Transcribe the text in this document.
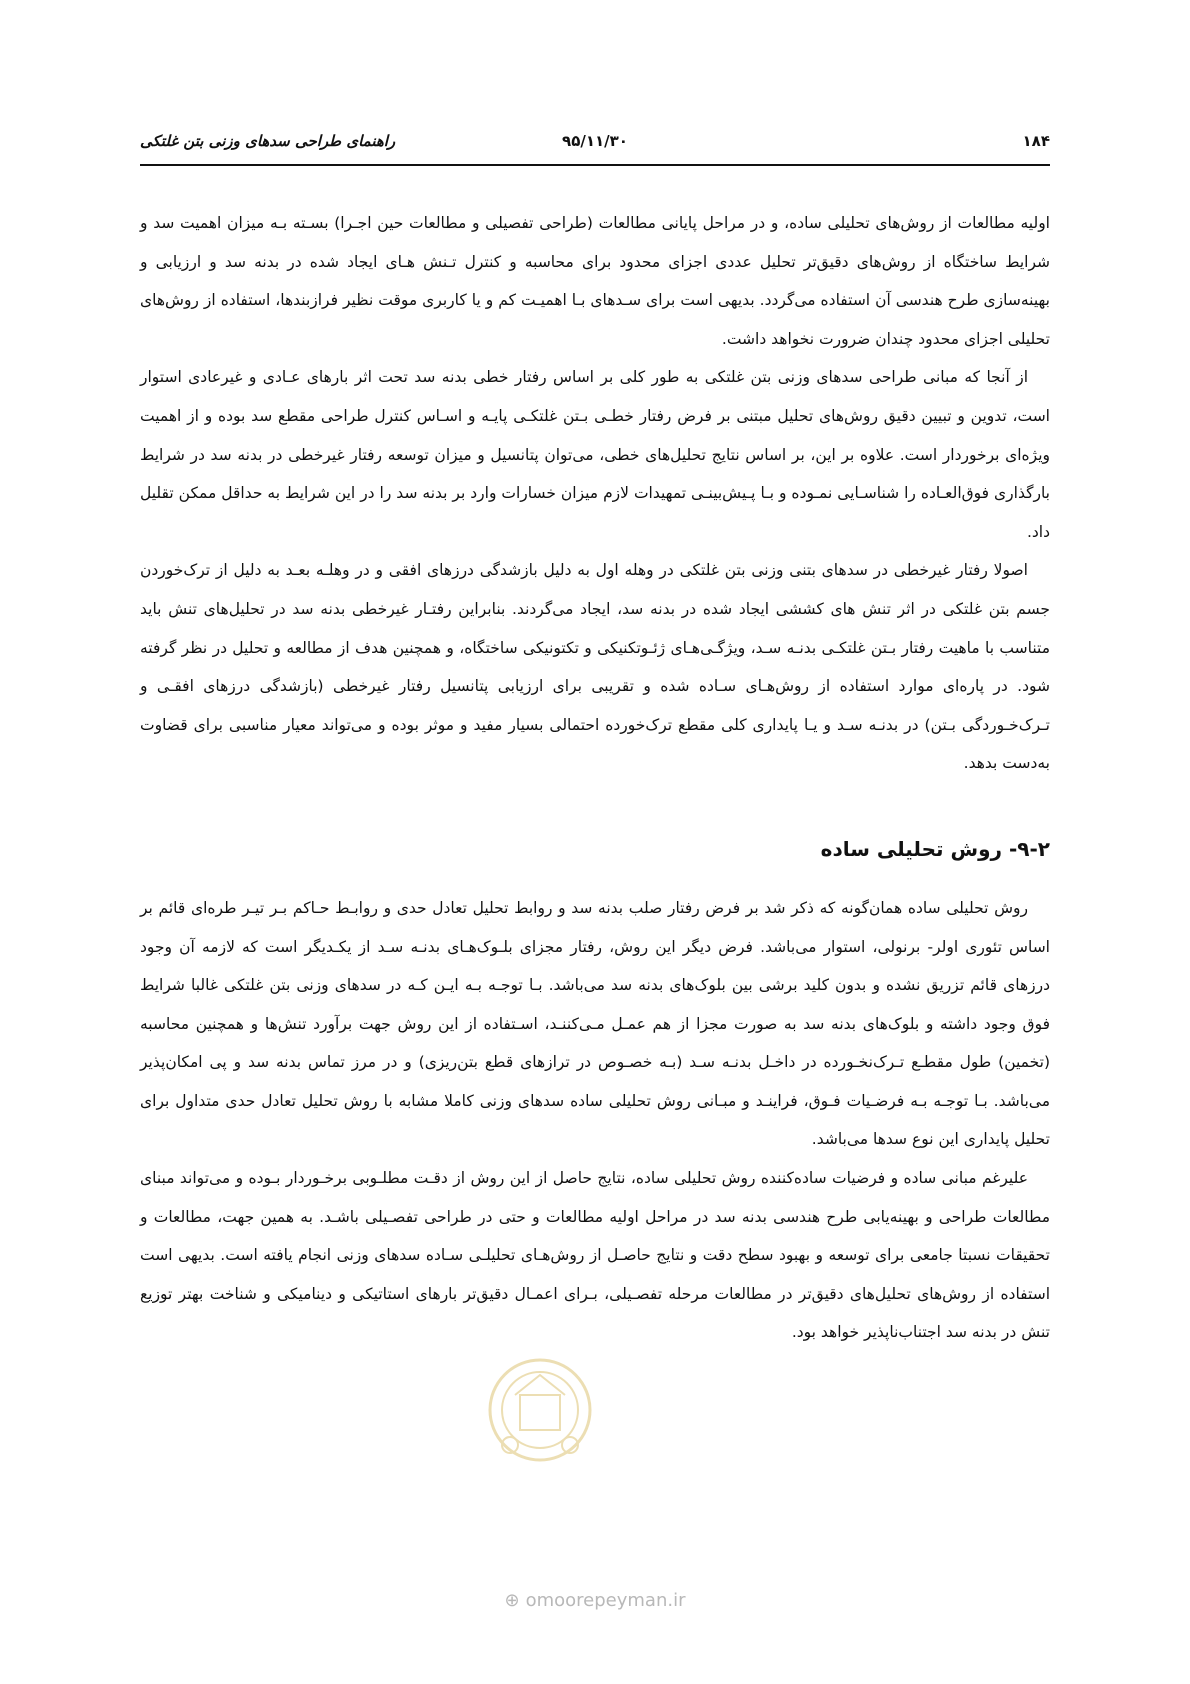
۱۸۴
۹۵/۱۱/۳۰
راهنمای طراحی سدهای وزنی بتن غلتکی

اولیه مطالعات از روش‌های تحلیلی ساده، و در مراحل پایانی مطالعات (طراحی تفصیلی و مطالعات حین اجـرا) بسـته بـه میزان اهمیت سد و شرایط ساختگاه از روش‌های دقیق‌تر تحلیل عددی اجزای محدود برای محاسبه و کنترل تـنش هـای ایجاد شده در بدنه سد و ارزیابی و بهینه‌سازی طرح هندسی آن استفاده می‌گردد. بدیهی است برای سـدهای بـا اهمیـت کم و یا کاربری موقت نظیر فرازبندها، استفاده از روش‌های تحلیلی اجزای محدود چندان ضرورت نخواهد داشت.

از آنجا که مبانی طراحی سدهای وزنی بتن غلتکی به طور کلی بر اساس رفتار خطی بدنه سد تحت اثر بارهای عـادی و غیرعادی استوار است، تدوین و تبیین دقیق روش‌های تحلیل مبتنی بر فرض رفتار خطـی بـتن غلتکـی پایـه و اسـاس کنترل طراحی مقطع سد بوده و از اهمیت ویژه‌ای برخوردار است. علاوه بر این، بر اساس نتایج تحلیل‌های خطی، می‌توان پتانسیل و میزان توسعه رفتار غیرخطی در بدنه سد در شرایط بارگذاری فوق‌العـاده را شناسـایی نمـوده و بـا پـیش‌بینـی تمهیدات لازم میزان خسارات وارد بر بدنه سد را در این شرایط به حداقل ممکن تقلیل داد.

اصولا رفتار غیرخطی در سدهای بتنی وزنی بتن غلتکی در وهله اول به دلیل بازشدگی درزهای افقی و در وهلـه بعـد به دلیل از ترک‌خوردن جسم بتن غلتکی در اثر تنش های کششی ایجاد شده در بدنه سد، ایجاد می‌گردند. بنابراین رفتـار غیرخطی بدنه سد در تحلیل‌های تنش باید متناسب با ماهیت رفتار بـتن غلتکـی بدنـه سـد، ویژگـی‌هـای ژئـوتکنیکی و تکتونیکی ساختگاه، و همچنین هدف از مطالعه و تحلیل در نظر گرفته شود. در پاره‌ای موارد استفاده از روش‌هـای سـاده شده و تقریبی برای ارزیابی پتانسیل رفتار غیرخطی (بازشدگی درزهای افقـی و تـرک‌خـوردگی بـتن) در بدنـه سـد و یـا پایداری کلی مقطع ترک‌خورده احتمالی بسیار مفید و موثر بوده و می‌تواند معیار مناسبی برای قضاوت به‌دست بدهد.

۹-۲- روش تحلیلی ساده

روش تحلیلی ساده همان‌گونه که ذکر شد بر فرض رفتار صلب بدنه سد و روابط تحلیل تعادل حدی و روابـط حـاکم بـر تیـر طره‌ای قائم بر اساس تئوری اولر- برنولی، استوار می‌باشد. فرض دیگر این روش، رفتار مجزای بلـوک‌هـای بدنـه سـد از یکـدیگر است که لازمه آن وجود درزهای قائم تزریق نشده و بدون کلید برشی بین بلوک‌های بدنه سد می‌باشد. بـا توجـه بـه ایـن کـه در سدهای وزنی بتن غلتکی غالبا شرایط فوق وجود داشته و بلوک‌های بدنه سد به صورت مجزا از هم عمـل مـی‌کننـد، اسـتفاده از این روش جهت برآورد تنش‌ها و همچنین محاسبه (تخمین) طول مقطـع تـرک‌نخـورده در داخـل بدنـه سـد (بـه خصـوص در ترازهای قطع بتن‌ریزی) و در مرز تماس بدنه سد و پی امکان‌پذیر می‌باشد. بـا توجـه بـه فرضـیات فـوق، فراینـد و مبـانی روش تحلیلی ساده سدهای وزنی کاملا مشابه با روش تحلیل تعادل حدی متداول برای تحلیل پایداری این نوع سدها می‌باشد.

علیرغم مبانی ساده و فرضیات ساده‌کننده روش تحلیلی ساده، نتایج حاصل از این روش از دقـت مطلـوبی برخـوردار بـوده و می‌تواند مبنای مطالعات طراحی و بهینه‌یابی طرح هندسی بدنه سد در مراحل اولیه مطالعات و حتی در طراحی تفصـیلی باشـد. به همین جهت، مطالعات و تحقیقات نسبتا جامعی برای توسعه و بهبود سطح دقت و نتایج حاصـل از روش‌هـای تحلیلـی سـاده سدهای وزنی انجام یافته است. بدیهی است استفاده از روش‌های تحلیل‌های دقیق‌تر در مطالعات مرحله تفصـیلی، بـرای اعمـال دقیق‌تر بارهای استاتیکی و دینامیکی و شناخت بهتر توزیع تنش در بدنه سد اجتناب‌ناپذیر خواهد بود.

⊕ omoorepeyman.ir
